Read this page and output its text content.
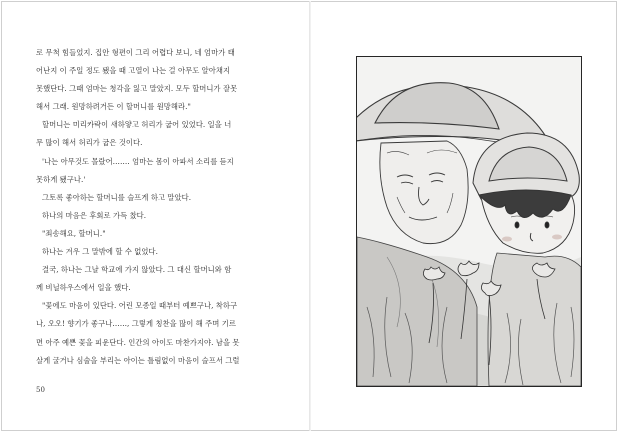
로 무척 힘들었지. 집안 형편이 그리 어렵다 보니, 네 엄마가 태

어난지 이 주일 정도 됐을 때 고열이 나는 걸 아무도 알아채지

못했단다. 그때 엄마는 청각을 잃고 말았지. 모두 할머니가 잘못

해서 그래. 원망하려거든 이 할머니를 원망해라."

할머니는 미리카락이 새하얗고 허리가 굽어 있었다. 일을 너

무 많이 해서 허리가 굽은 것이다.

'나는 아무것도 몰랐어……. 엄마는 몸이 아파서 소리를 듣지

못하게 됐구나.'

그토록 좋아하는 할머니를 슬프게 하고 말았다.

하나의 마음은 후회로 가득 찼다.

"죄송해요, 할머니."

하나는 겨우 그 말밖에 할 수 없었다.

결국, 하나는 그날 학교에 가지 않았다. 그 대신 할머니와 함

께 비닐하우스에서 일을 했다.

"꽃에도 마음이 있단다. 어린 모종일 때부터 예쁘구나, 착하구

나, 오오! 향기가 좋구나……, 그렇게 칭찬을 많이 해 주며 기르

면 아주 예쁜 꽃을 피운단다. 인간의 아이도 마찬가지야. 남을 못

살게 굴거나 심술을 부리는 아이는 틀림없이 마음이 슬프서 그럴

50
